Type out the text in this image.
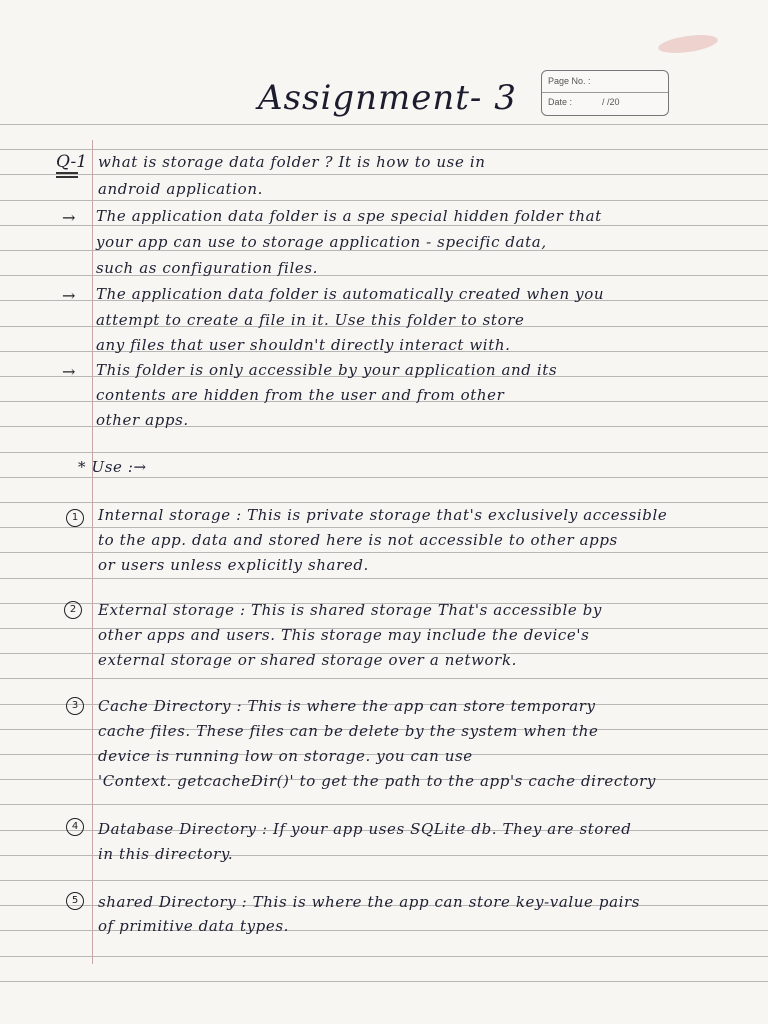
Assignment- 3	Page No. :
Date :	/ /20
Q-1 what is storage data folder ? It is how to use in
android application.
→ The application data folder is a spe special hidden folder that
your app can use to storage application - specific data,
such as configuration files.
→ The application data folder is automatically created when you
attempt to create a file in it. Use this folder to store
any files that user shouldn't directly interact with.
→ This folder is only accessible by your application and its
contents are hidden from the user and from other
other apps.
* Use :→
1	Internal storage : This is private storage that's exclusively accessible
to the app. data and stored here is not accessible to other apps
or users unless explicitly shared.
2	External storage : This is shared storage That's accessible by
other apps and users. This storage may include the device's
external storage or shared storage over a network.
3	Cache Directory : This is where the app can store temporary
cache files. These files can be delete by the system when the
device is running low on storage. you can use
'Context. getcacheDir()' to get the path to the app's cache directory
4	Database Directory : If your app uses SQLite db. They are stored
in this directory.
5	shared Directory : This is where the app can store key-value pairs
of primitive data types.
